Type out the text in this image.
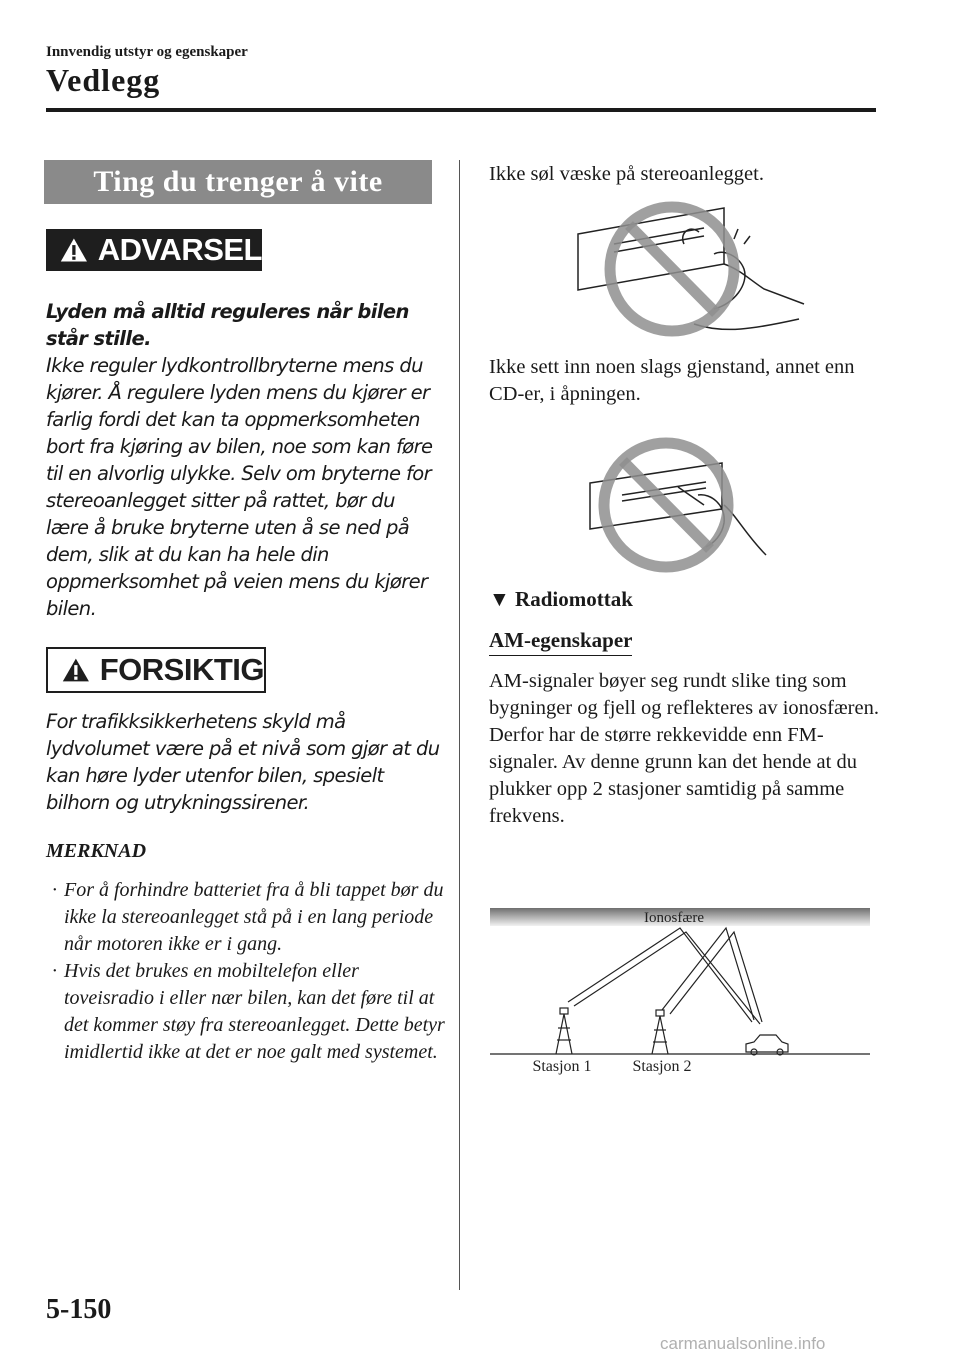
Innvendig utstyr og egenskaper
Vedlegg
Ting du trenger å vite
ADVARSEL
Lyden må alltid reguleres når bilen står stille.
Ikke reguler lydkontrollbryterne mens du kjører. Å regulere lyden mens du kjører er farlig fordi det kan ta oppmerksomheten bort fra kjøring av bilen, noe som kan føre til en alvorlig ulykke. Selv om bryterne for stereoanlegget sitter på rattet, bør du lære å bruke bryterne uten å se ned på dem, slik at du kan ha hele din oppmerksomhet på veien mens du kjører bilen.
FORSIKTIG
For trafikksikkerhetens skyld må lydvolumet være på et nivå som gjør at du kan høre lyder utenfor bilen, spesielt bilhorn og utrykningssirener.
MERKNAD
· For å forhindre batteriet fra å bli tappet bør du ikke la stereoanlegget stå på i en lang periode når motoren ikke er i gang.
· Hvis det brukes en mobiltelefon eller toveisradio i eller nær bilen, kan det føre til at det kommer støy fra stereoanlegget. Dette betyr imidlertid ikke at det er noe galt med systemet.
Ikke søl væske på stereoanlegget.
Ikke sett inn noen slags gjenstand, annet enn CD-er, i åpningen.
▼ Radiomottak
AM-egenskaper
AM-signaler bøyer seg rundt slike ting som bygninger og fjell og reflekteres av ionosfæren. Derfor har de større rekkevidde enn FM-signaler. Av denne grunn kan det hende at du plukker opp 2 stasjoner samtidig på samme frekvens.
Ionosfære
Stasjon 1	Stasjon 2
5-150
carmanualsonline.info
